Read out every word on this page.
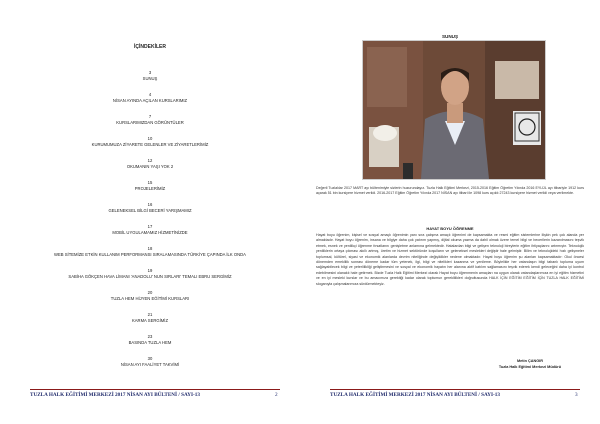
İÇİNDEKİLER
3
SUNUŞ
4
NİSAN AYINDA AÇILAN KURSLARIMIZ
7
KURSLARIMIZDAN GÖRÜNTÜLER
10
KURUMUMUZA ZİYARETE GELENLER VE ZİYARETLERİMİZ
12
OKUMANIN YAŞI YOK 2
15
PROJELERİMİZ
16
GELENEKSEL BİLGİ BECERİ YARIŞMAMIZ
17
MOBİL UYGULAMAMIZ HİZMETİNİZDE
18
WEB SİTEMİZE ETKİN KULLANIM PERFORMANSI SIRALAMASINDA TÜRKİYE ÇAPINDA İLK ONDA
19
SABİHA GÖKÇEN HAVA LİMANI 'ANADOLU' NUN SIRLARI' TEMALI EBRU SERGİMİZ
20
TUZLA HEM HİJYEN EĞİTİMİ KURSLARI
21
KARMA SERGİMİZ
23
BASINDA TUZLA HEM
30
NİSAN AYI FAALİYET TAKVİMİ
TUZLA HALK EĞİTİMİ MERKEZİ 2017 NİSAN AYI BÜLTENİ / SAYI-13	2
SUNUŞ
Değerli Tuzlalılar 2017 MART ayı bültenimiyle sizlerin huzurundayız. Tuzla Halk Eğitimi Merkezi, 2015-2016 Eğitim Öğretim Yılında 2016 EYLÜL ayı itibariyle 1912 kurs açarak 51 bin kursiyere hizmet verildi. 2016-2017 Eğitim Öğretim Yılında 2017 NİSAN ayı itibari ile 1098 kurs açıldı 27243 kursiyere hizmet verildi veya verilmekte.
HAYAT BOYU ÖĞRENME
Hayat boyu öğrenim, kişisel ve sosyal amaçlı öğrenimin yanı sıra çalışma amaçlı öğrenimi de kapsamakta ve resmi eğitim sistemlerine ilişkin pek çok alanda yer almaktadır. Hayat boyu öğrenim, insana ve bilgiye daha çok yatırım yapmış, dijital okuma yazma da dahil olmak üzere temel bilgi ve becerilerin kazanılmasını teşvik etmek, esnek ve yenilikçi öğrenme fırsatlarını genişletme anlamına gelmektedir. Hatalardan bilgi ve gelişen teknoloji bireylerin eğitim ihtiyaçlarını artırmıştır. Teknolojik yeniliklerin ortaya çıkması akıllı artmış, üretim ve hizmet sektöründe koşulların ve geleneksel meslekleri değiştir hale gelmiştir. Bilim ve teknolojideki hızlı gelişmeler toplumsal, kültürel, siyasi ve ekonomik alanlarda devrim niteliğinde değişiklikler nedene olmaktadır. Hayat boyu öğrenim şu alanları kapsamaktadır: Okul öncesi dönemden emeklilik sonrası döneme kadar tüm yetenek, ilgi, bilgi ve nitelikleri kazanma ve yenileme. Böylelikle her vatandaşın bilgi tabanlı topluma uyum sağlayabilecek bilgi ve yeterlilikliği geliştirmesini ve sosyal ve ekonomik hayatın her alanına aktif katılım sağlamasını teşvik ederek kendi geleceğini daha iyi kontrol edebilmesini olanaklı hale getirmek. Bizde Tuzla Halk Eğitimi Merkezi olarak Hayat boyu öğrenmenin amaçları na uygun olarak vatandaşlarımıza en iyi eğitim hizmetini ve en iyi mesleki kurslar ve bu amacımıza gerektiği kadar olarak toplumun gereklilikleri doğrultusunda HALK İÇİN EĞİTİM EĞİTİM İÇİN TUZLA HALK EĞİTİMİ sloganıyla çalışmalarımıza sürdürmekteyiz.
Metin ÇANGIR
Tuzla Halk Eğitimi Merkezi Müdürü
TUZLA HALK EĞİTİMİ MERKEZİ 2017 NİSAN AYI BÜLTENİ / SAYI-13	3
